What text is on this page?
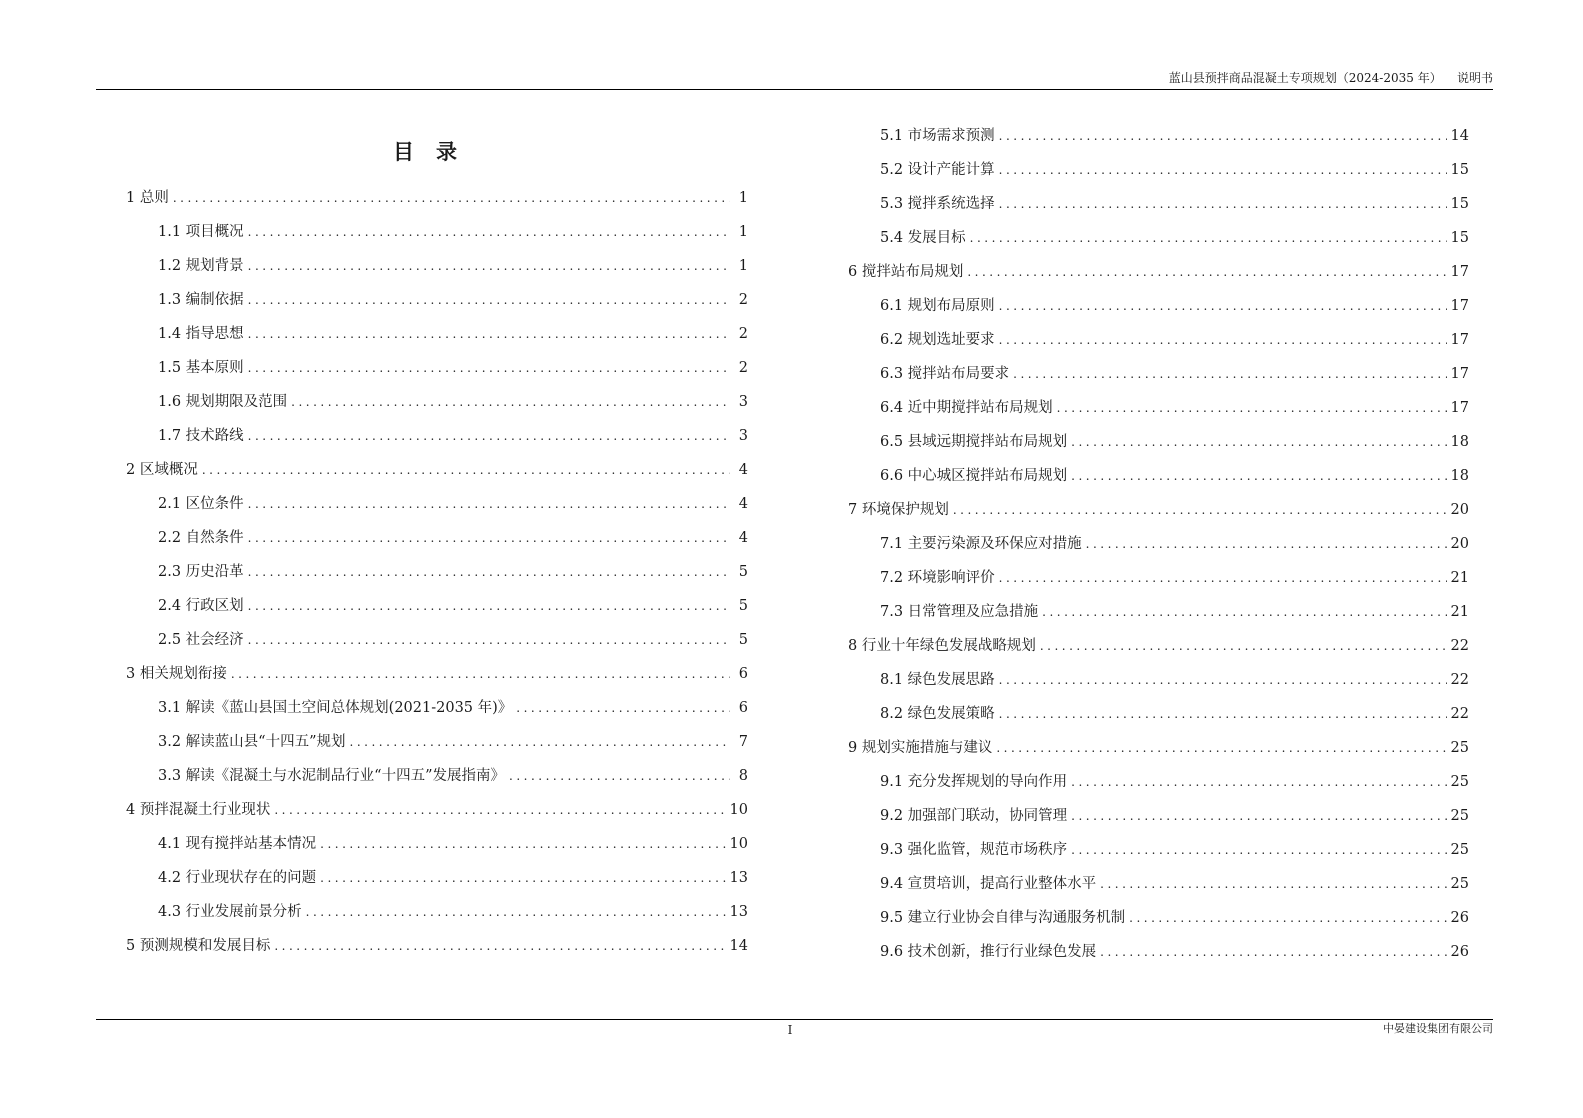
蓝山县预拌商品混凝土专项规划（2024-2035 年） 说明书
目录
1 总则 .....	1
1.1 项目概况 .....	1
1.2 规划背景 .....	1
1.3 编制依据 .....	2
1.4 指导思想 .....	2
1.5 基本原则 .....	2
1.6 规划期限及范围 .....	3
1.7 技术路线 .....	3
2 区域概况 .....	4
2.1 区位条件 .....	4
2.2 自然条件 .....	4
2.3 历史沿革 .....	5
2.4 行政区划 .....	5
2.5 社会经济 .....	5
3 相关规划衔接 .....	6
3.1 解读《蓝山县国土空间总体规划(2021-2035 年)》 .....	6
3.2 解读蓝山县“十四五”规划 .....	7
3.3 解读《混凝土与水泥制品行业“十四五”发展指南》 .....	8
4 预拌混凝土行业现状 .....	10
4.1 现有搅拌站基本情况 .....	10
4.2 行业现状存在的问题 .....	13
4.3 行业发展前景分析 .....	13
5 预测规模和发展目标 .....	14
5.1 市场需求预测 .....	14
5.2 设计产能计算 .....	15
5.3 搅拌系统选择 .....	15
5.4 发展目标 .....	15
6 搅拌站布局规划 .....	17
6.1 规划布局原则 .....	17
6.2 规划选址要求 .....	17
6.3 搅拌站布局要求 .....	17
6.4 近中期搅拌站布局规划 .....	17
6.5 县域远期搅拌站布局规划 .....	18
6.6 中心城区搅拌站布局规划 .....	18
7 环境保护规划 .....	20
7.1 主要污染源及环保应对措施 .....	20
7.2 环境影响评价 .....	21
7.3 日常管理及应急措施 .....	21
8 行业十年绿色发展战略规划 .....	22
8.1 绿色发展思路 .....	22
8.2 绿色发展策略 .....	22
9 规划实施措施与建议 .....	25
9.1 充分发挥规划的导向作用 .....	25
9.2 加强部门联动，协同管理 .....	25
9.3 强化监管，规范市场秩序 .....	25
9.4 宣贯培训，提高行业整体水平 .....	25
9.5 建立行业协会自律与沟通服务机制 .....	26
9.6 技术创新，推行行业绿色发展 .....	26
I	中晏建设集团有限公司
